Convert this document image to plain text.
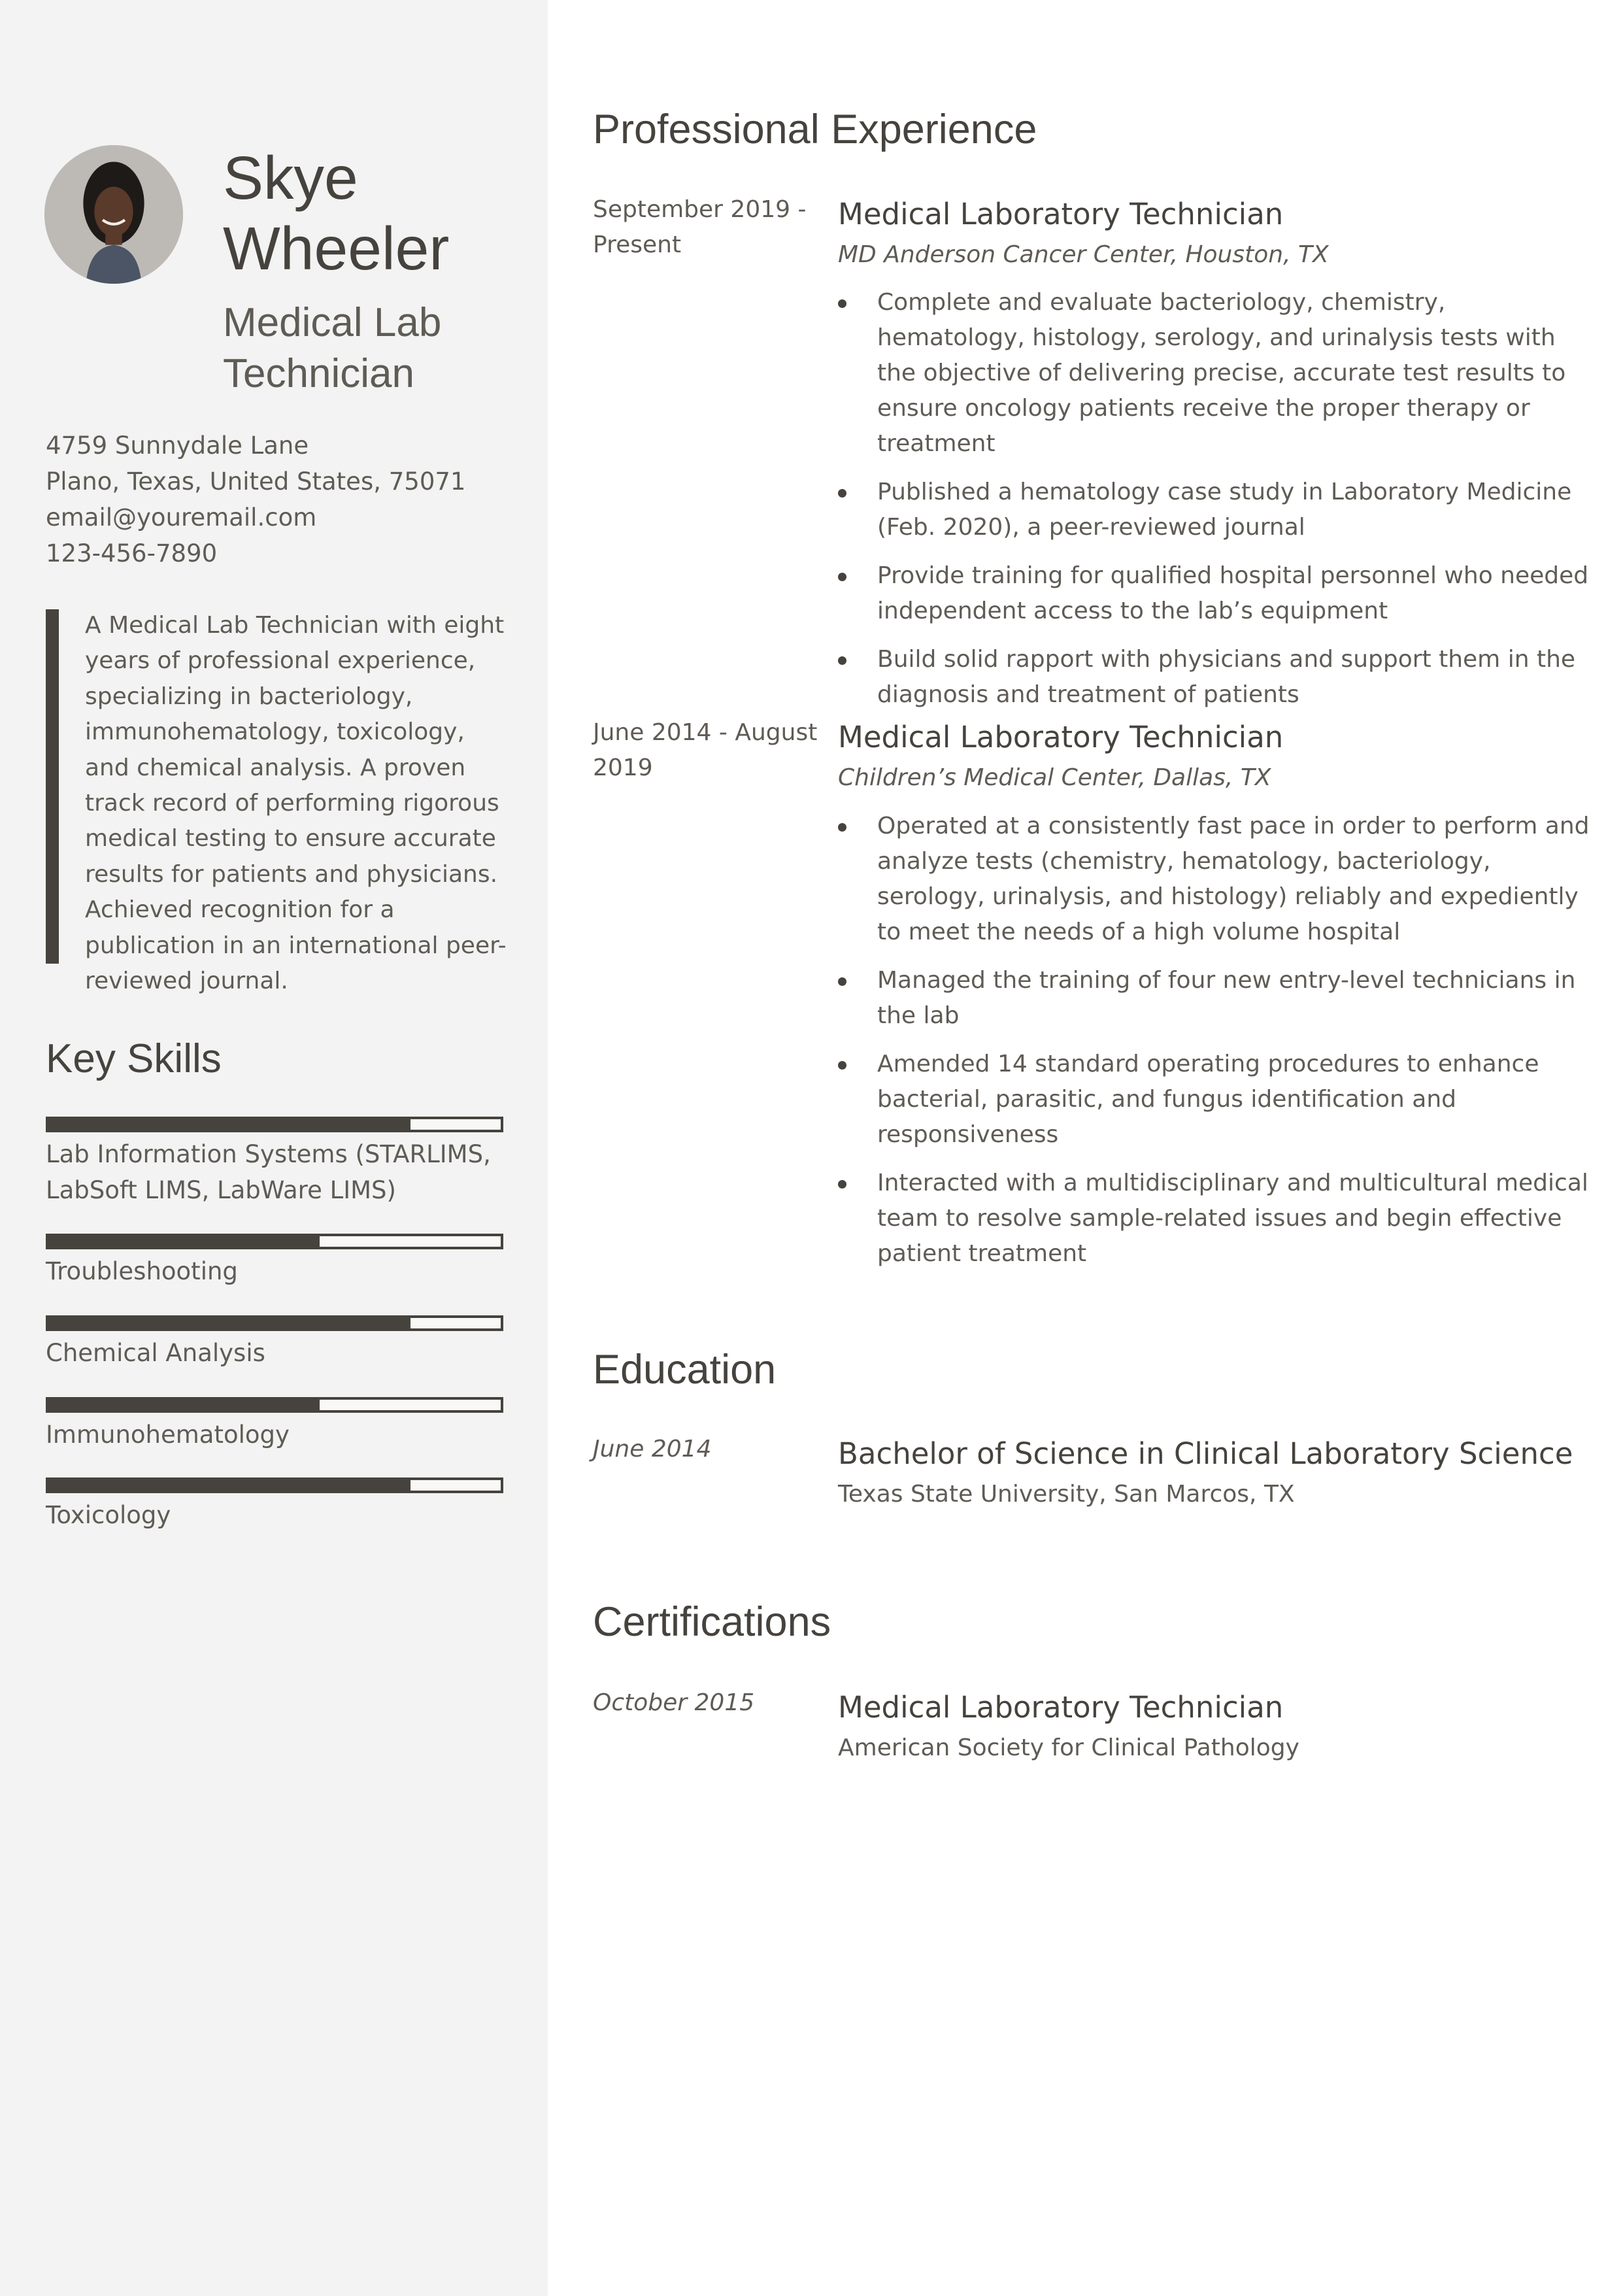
Skye
Wheeler
Medical Lab
Technician
4759 Sunnydale Lane
Plano, Texas, United States, 75071
email@youremail.com
123-456-7890
A Medical Lab Technician with eight years of professional experience, specializing in bacteriology, immunohematology, toxicology, and chemical analysis. A proven track record of performing rigorous medical testing to ensure accurate results for patients and physicians. Achieved recognition for a publication in an international peer-reviewed journal.
Key Skills
Lab Information Systems (STARLIMS,
LabSoft LIMS, LabWare LIMS)
Troubleshooting
Chemical Analysis
Immunohematology
Toxicology
Professional Experience
September 2019 -
Present
Medical Laboratory Technician
MD Anderson Cancer Center, Houston, TX
Complete and evaluate bacteriology, chemistry, hematology, histology, serology, and urinalysis tests with the objective of delivering precise, accurate test results to ensure oncology patients receive the proper therapy or treatment
Published a hematology case study in Laboratory Medicine (Feb. 2020), a peer-reviewed journal
Provide training for qualified hospital personnel who needed independent access to the lab’s equipment
Build solid rapport with physicians and support them in the diagnosis and treatment of patients
June 2014 - August
2019
Medical Laboratory Technician
Children’s Medical Center, Dallas, TX
Operated at a consistently fast pace in order to perform and analyze tests (chemistry, hematology, bacteriology, serology, urinalysis, and histology) reliably and expediently to meet the needs of a high volume hospital
Managed the training of four new entry-level technicians in the lab
Amended 14 standard operating procedures to enhance bacterial, parasitic, and fungus identification and responsiveness
Interacted with a multidisciplinary and multicultural medical team to resolve sample-related issues and begin effective patient treatment
Education
June 2014	Bachelor of Science in Clinical Laboratory Science
Texas State University, San Marcos, TX
Certifications
October 2015	Medical Laboratory Technician
American Society for Clinical Pathology
